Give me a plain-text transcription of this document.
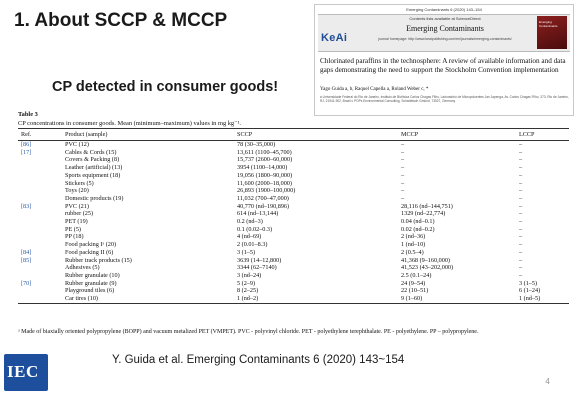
1. About SCCP & MCCP
Emerging Contaminants 6 (2020) 143–154
KeAi
Contents lists available at ScienceDirect
Emerging Contaminants
journal homepage: http://www.keaipublishing.com/en/journals/emerging-contaminants/
Emerging Contaminants
Chlorinated paraffins in the technosphere: A review of available information and data gaps demonstrating the need to support the Stockholm Convention implementation
Yago Guida a, b, Raquel Capella a, Roland Weber c, *
a Universidade Federal do Rio de Janeiro, Instituto de Biofísica Carlos Chagas Filho, Laboratório de Micropoluentes Jan Japenga, Av. Carlos Chagas Filho, 373, Rio de Janeiro, RJ, 21941-902, Brazil c POPs Environmental Consulting, Schwäbisch Gmünd, 73527, Germany
CP detected in consumer goods!
Table 3
CP concentrations in consumer goods. Mean (minimum–maximum) values in mg kg⁻¹.
Ref.	Product (sample)	SCCP	MCCP	LCCP
[86]	PVC (12)	78 (30–35,000)	–	–
[17]	Cables & Cords (15)	13,611 (1100–45,700)	–	–
	Covers & Packing (8)	15,737 (2600–60,000)	–	–
	Leather (artificial) (13)	3954 (1100–14,000)	–	–
	Sports equipment (18)	19,056 (1800–90,000)	–	–
	Stickers (5)	11,600 (2000–18,000)	–	–
	Toys (20)	26,893 (1900–100,000)	–	–
	Domestic products (19)	11,032 (700–47,000)	–	–
[83]	PVC (21)	40,770 (nd–190,896)	28,116 (nd–144,751)	–
	rubber (25)	614 (nd–13,144)	1329 (nd–22,774)	–
	PET (19)	0.2 (nd–3)	0.04 (nd–0.1)	–
	PE (5)	0.1 (0.02–0.3)	0.02 (nd–0.2)	–
	PP (18)	4 (nd–69)	2 (nd–36)	–
	Food packing Iᵃ (20)	2 (0.01–8.3)	1 (nd–10)	–
[84]	Food packing II (6)	3 (1–5)	2 (0.5–4)	–
[85]	Rubber track products (15)	3639 (14–12,800)	41,368 (9–160,000)	–
	Adhesives (5)	3344 (62–7140)	41,523 (43–202,000)	–
	Rubber granulate (10)	3 (nd–24)	2.5 (0.1–24)	–
[70]	Rubber granulate (9)	5 (2–9)	24 (9–54)	3 (1–5)
	Playground tiles (6)	8 (2–25)	22 (10–51)	6 (1–24)
	Car tires (10)	1 (nd–2)	9 (1–60)	1 (nd–5)
ᵃ Made of biaxially oriented polypropylene (BOPP) and vacuum metalized PET (VMPET). PVC - polyvinyl chloride. PET - polyethylene terephthalate. PE - polyethylene. PP – polypropylene.
IEC
Y. Guida et al. Emerging Contaminants 6 (2020) 143~154
4
